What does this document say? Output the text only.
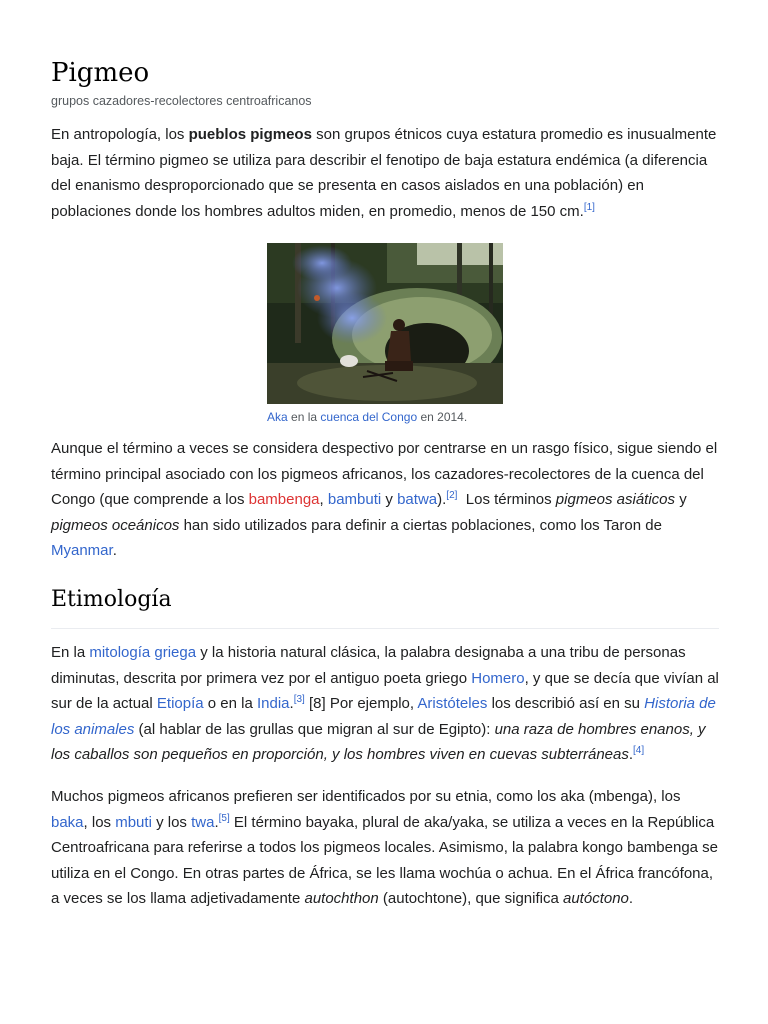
Pigmeo
grupos cazadores-recolectores centroafricanos

En antropología, los pueblos pigmeos son grupos étnicos cuya estatura promedio es inusualmente baja. El término pigmeo se utiliza para describir el fenotipo de baja estatura endémica (a diferencia del enanismo desproporcionado que se presenta en casos aislados en una población) en poblaciones donde los hombres adultos miden, en promedio, menos de 150 cm.[1]

Aka en la cuenca del Congo en 2014.

Aunque el término a veces se considera despectivo por centrarse en un rasgo físico, sigue siendo el término principal asociado con los pigmeos africanos, los cazadores-recolectores de la cuenca del Congo (que comprende a los bambenga, bambuti y batwa).[2]  Los términos pigmeos asiáticos y pigmeos oceánicos han sido utilizados para definir a ciertas poblaciones, como los Taron de Myanmar.

Etimología

En la mitología griega y la historia natural clásica, la palabra designaba a una tribu de personas diminutas, descrita por primera vez por el antiguo poeta griego Homero, y que se decía que vivían al sur de la actual Etiopía o en la India.[3] [8] Por ejemplo, Aristóteles los describió así en su Historia de los animales (al hablar de las grullas que migran al sur de Egipto): una raza de hombres enanos, y los caballos son pequeños en proporción, y los hombres viven en cuevas subterráneas.[4]

Muchos pigmeos africanos prefieren ser identificados por su etnia, como los aka (mbenga), los baka, los mbuti y los twa.[5] El término bayaka, plural de aka/yaka, se utiliza a veces en la República Centroafricana para referirse a todos los pigmeos locales. Asimismo, la palabra kongo bambenga se utiliza en el Congo. En otras partes de África, se les llama wochúa o achua. En el África francófona, a veces se los llama adjetivadamente autochthon (autochtone), que significa autóctono.
